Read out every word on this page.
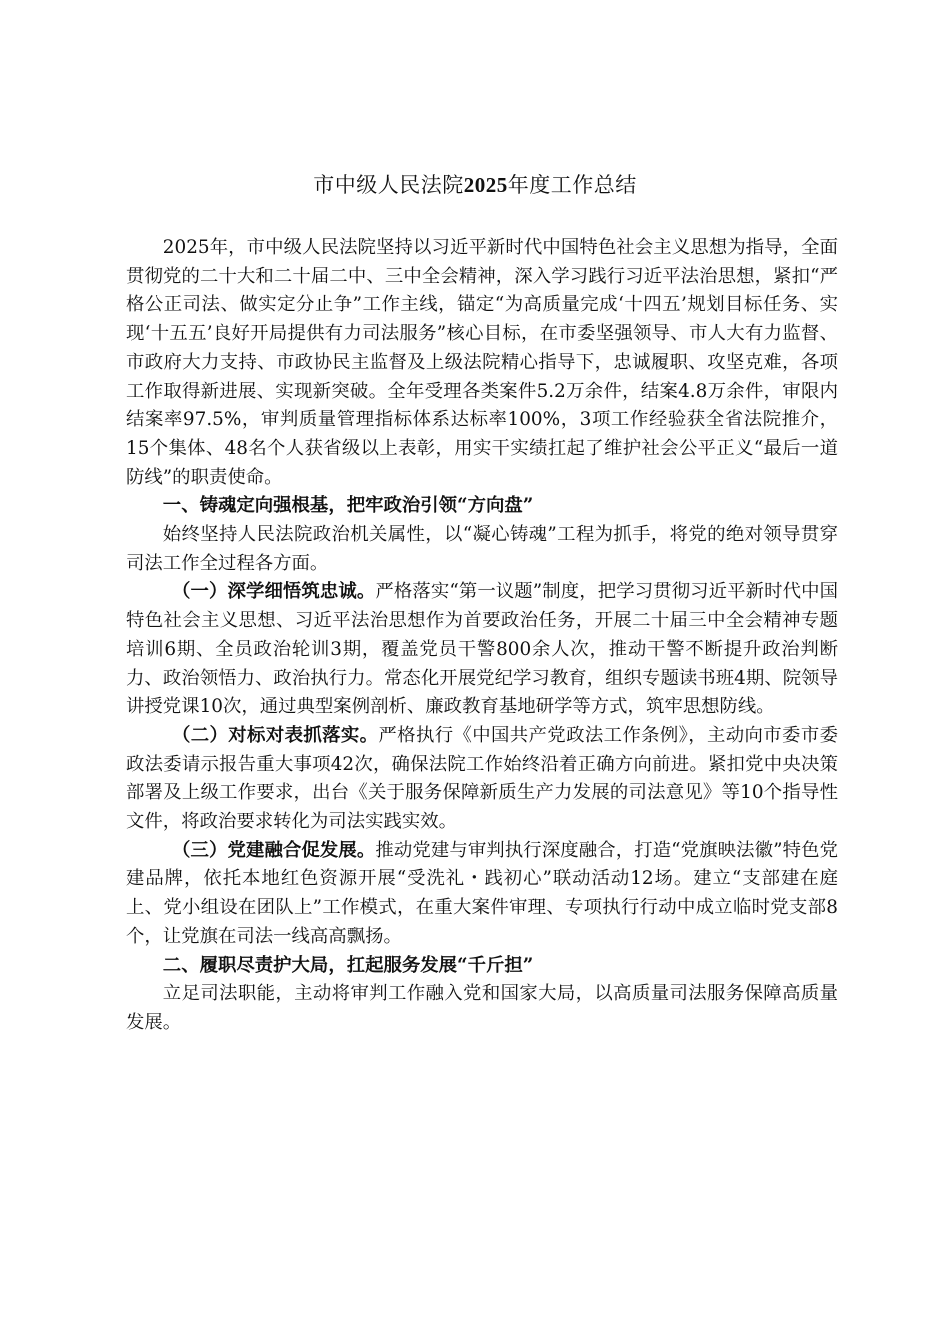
市中级人民法院2025年度工作总结

2025年，市中级人民法院坚持以习近平新时代中国特色社会主义思想为指导，全面贯彻党的二十大和二十届二中、三中全会精神，深入学习践行习近平法治思想，紧扣“严格公正司法、做实定分止争”工作主线，锚定“为高质量完成‘十四五’规划目标任务、实现‘十五五’良好开局提供有力司法服务”核心目标，在市委坚强领导、市人大有力监督、市政府大力支持、市政协民主监督及上级法院精心指导下，忠诚履职、攻坚克难，各项工作取得新进展、实现新突破。全年受理各类案件5.2万余件，结案4.8万余件，审限内结案率97.5%，审判质量管理指标体系达标率100%，3项工作经验获全省法院推介，15个集体、48名个人获省级以上表彰，用实干实绩扛起了维护社会公平正义“最后一道防线”的职责使命。

一、铸魂定向强根基，把牢政治引领“方向盘”

始终坚持人民法院政治机关属性，以“凝心铸魂”工程为抓手，将党的绝对领导贯穿司法工作全过程各方面。

（一）深学细悟筑忠诚。严格落实“第一议题”制度，把学习贯彻习近平新时代中国特色社会主义思想、习近平法治思想作为首要政治任务，开展二十届三中全会精神专题培训6期、全员政治轮训3期，覆盖党员干警800余人次，推动干警不断提升政治判断力、政治领悟力、政治执行力。常态化开展党纪学习教育，组织专题读书班4期、院领导讲授党课10次，通过典型案例剖析、廉政教育基地研学等方式，筑牢思想防线。

（二）对标对表抓落实。严格执行《中国共产党政法工作条例》，主动向市委市委政法委请示报告重大事项42次，确保法院工作始终沿着正确方向前进。紧扣党中央决策部署及上级工作要求，出台《关于服务保障新质生产力发展的司法意见》等10个指导性文件，将政治要求转化为司法实践实效。

（三）党建融合促发展。推动党建与审判执行深度融合，打造“党旗映法徽”特色党建品牌，依托本地红色资源开展“受洗礼・践初心”联动活动12场。建立“支部建在庭上、党小组设在团队上”工作模式，在重大案件审理、专项执行行动中成立临时党支部8个，让党旗在司法一线高高飘扬。

二、履职尽责护大局，扛起服务发展“千斤担”

立足司法职能，主动将审判工作融入党和国家大局，以高质量司法服务保障高质量发展。
